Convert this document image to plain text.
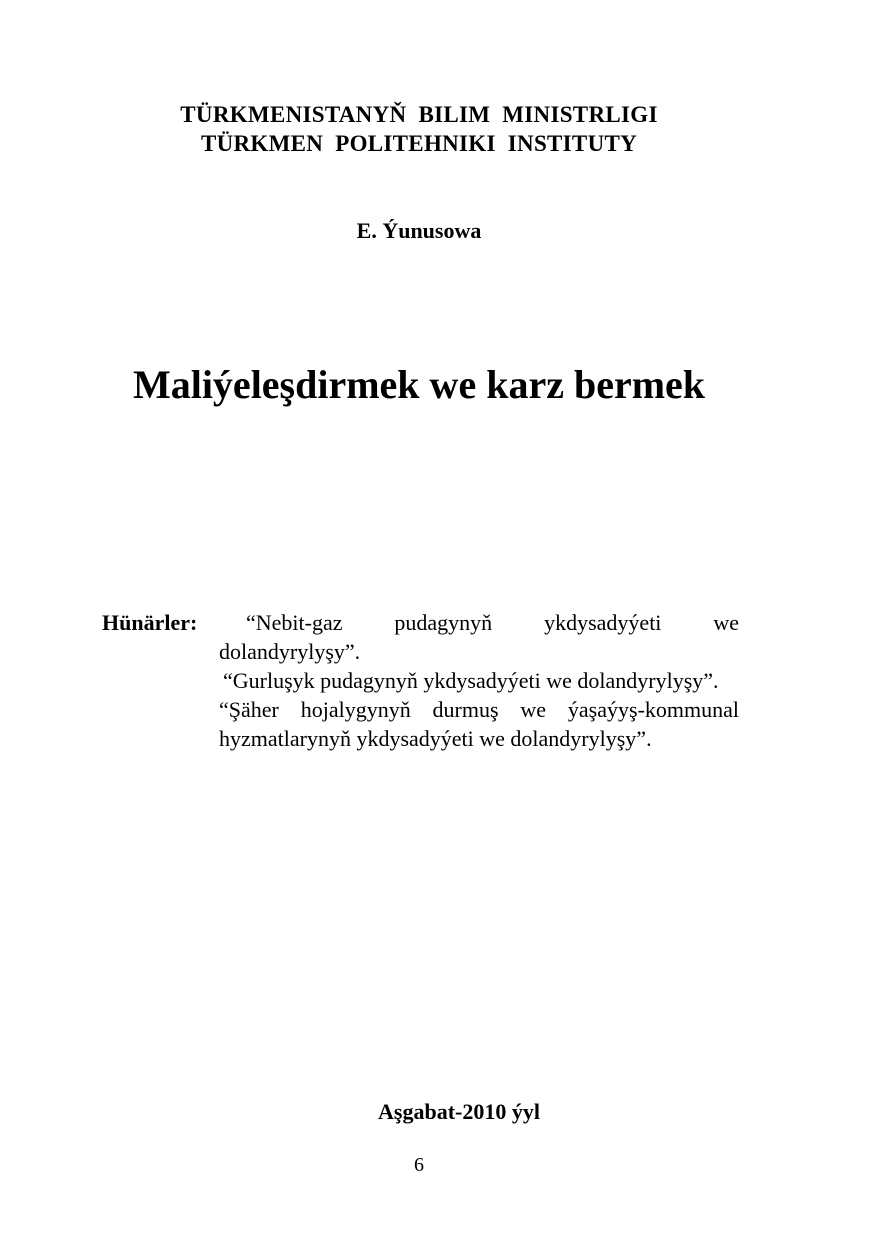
TÜRKMENISTANYŇ BILIM MINISTRLIGI
TÜRKMEN POLITEHNIKI INSTITUTY
E. Ýunusowa
Maliýeleşdirmek we karz bermek
Hünärler:	“Nebit-gaz pudagynyň ykdysadyýeti we dolandyrylyşy”.
“Gurluşyk pudagynyň ykdysadyýeti we dolandyrylyşy”.
“Şäher hojalygynyň durmuş we ýaşaýyş-kommunal hyzmatlarynyň ykdysadyýeti we dolandyrylyşy”.
Aşgabat-2010 ýyl
6
